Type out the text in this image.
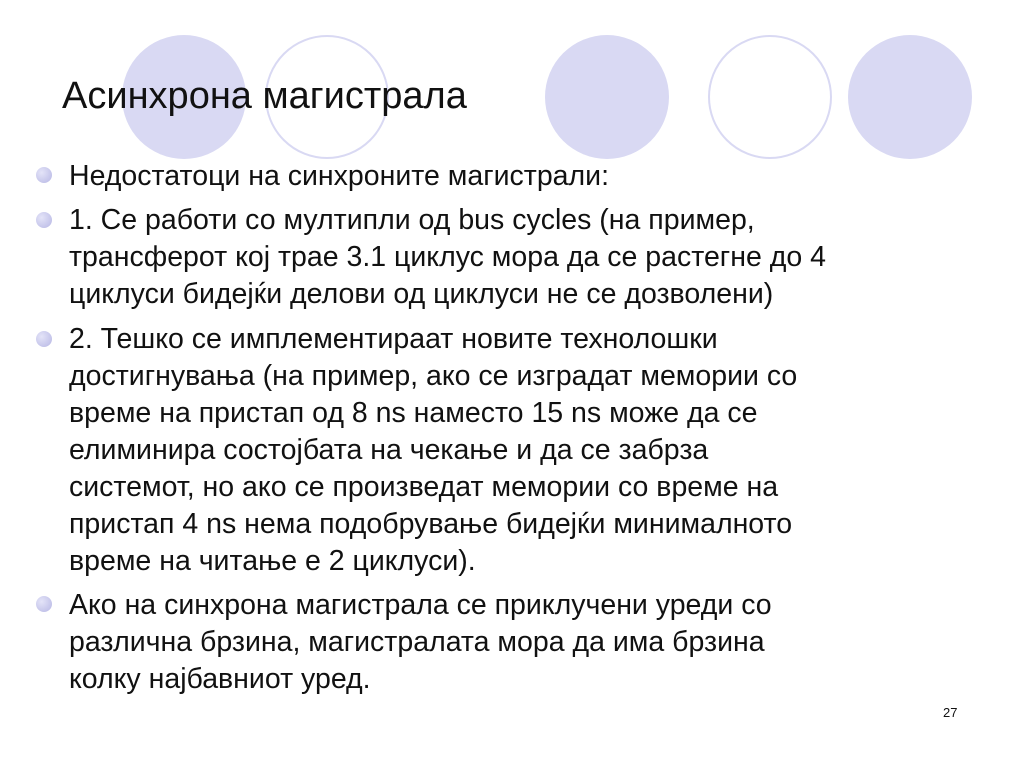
Асинхрона магистрала
Недостатоци на синхроните магистрали:
1. Се работи со мултипли од bus cycles (на пример,
трансферот кој трае 3.1 циклус мора да се растегне до 4
циклуси бидејќи делови од циклуси не се дозволени)
2. Тешко се имплементираат новите технолошки
достигнувања (на пример, ако се изградат мемории со
време на пристап од 8 ns наместо 15 ns може да се
елиминира состојбата на чекање и да се забрза
системот, но ако се произведат мемории со време на
пристап 4 ns нема подобрување бидејќи минималното
време на читање е 2 циклуси).
Ако на синхрона магистрала се приклучени уреди со
различна брзина, магистралата мора да има брзина
колку најбавниот уред.
27
